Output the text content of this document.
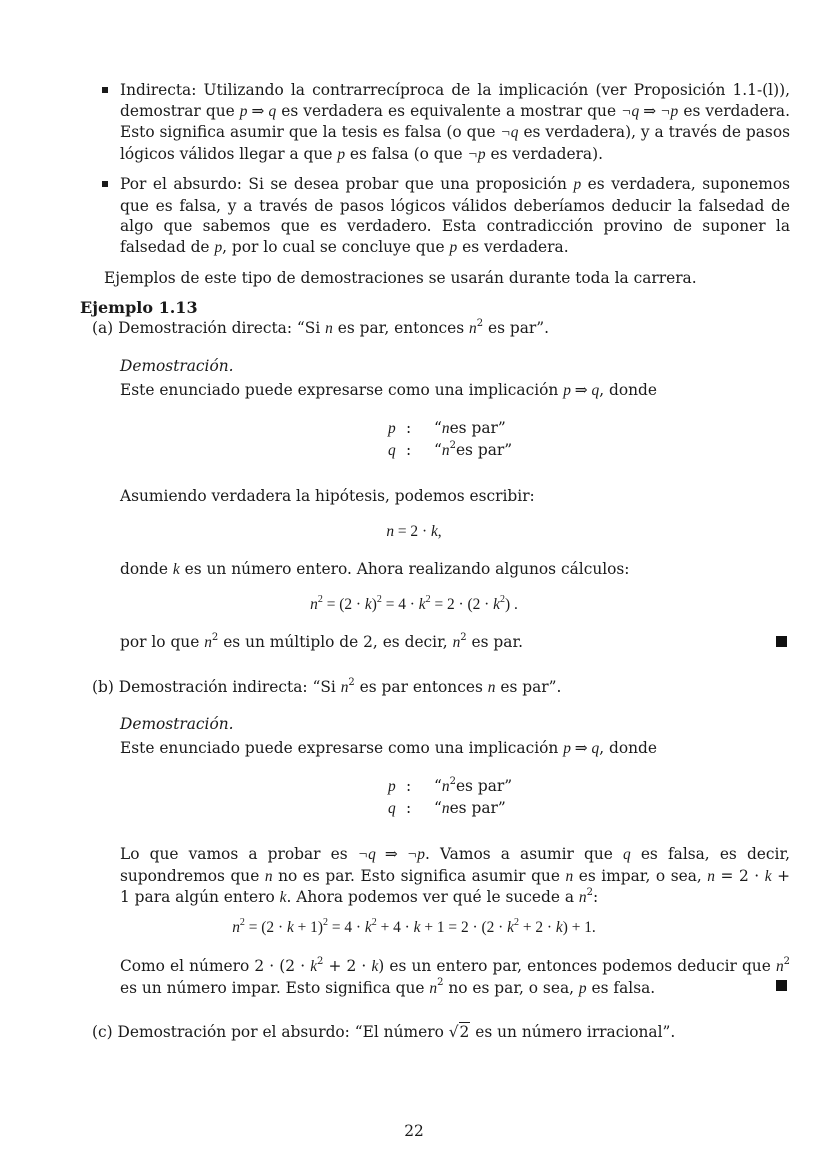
Indirecta: Utilizando la contrarrecíproca de la implicación (ver Proposición 1.1-(l)), demostrar que p ⇒ q es verdadera es equivalente a mostrar que ¬q ⇒ ¬p es verdadera. Esto significa asumir que la tesis es falsa (o que ¬q es verdadera), y a través de pasos lógicos válidos llegar a que p es falsa (o que ¬p es verdadera).
Por el absurdo: Si se desea probar que una proposición p es verdadera, suponemos que es falsa, y a través de pasos lógicos válidos deberíamos deducir la falsedad de algo que sabemos que es verdadero. Esta contradicción provino de suponer la falsedad de p, por lo cual se concluye que p es verdadera.
Ejemplos de este tipo de demostraciones se usarán durante toda la carrera.
Ejemplo 1.13
(a) Demostración directa: “Si n es par, entonces $n^2$ es par”.
Demostración.
Este enunciado puede expresarse como una implicación p ⇒ q, donde
p : “nes par”
q : “$n^2es$ par”
Asumiendo verdadera la hipótesis, podemos escribir:
n = 2 · k,
donde k es un número entero. Ahora realizando algunos cálculos:
$n^2 = (2 \cdot k)^2 = 4 \cdot k^2 = 2 \cdot (2 \cdot k^2)$ .
por lo que $n^2$ es un múltiplo de 2, es decir, $n^2$ es par.
(b) Demostración indirecta: “Si $n^2$ es par entonces n es par”.
Demostración.
Este enunciado puede expresarse como una implicación p ⇒ q, donde
p : “$n^2es$ par”
q : “nes par”
Lo que vamos a probar es ¬q ⇒ ¬p. Vamos a asumir que q es falsa, es decir, supondremos que n no es par. Esto significa asumir que n es impar, o sea, n = 2 · k + 1 para algún entero k. Ahora podemos ver qué le sucede a $n^2$:
$n^2 = (2 \cdot k + 1)^2 = 4 \cdot k^2 + 4 \cdot k + 1 = 2 \cdot (2 \cdot k^2 + 2 \cdot k) + 1$.
Como el número $2 \cdot (2 \cdot k^2 + 2 \cdot k)$ es un entero par, entonces podemos deducir que $n^2$ es un número impar. Esto significa que $n^2$ no es par, o sea, p es falsa.
(c) Demostración por el absurdo: “El número √2 es un número irracional”.
22
